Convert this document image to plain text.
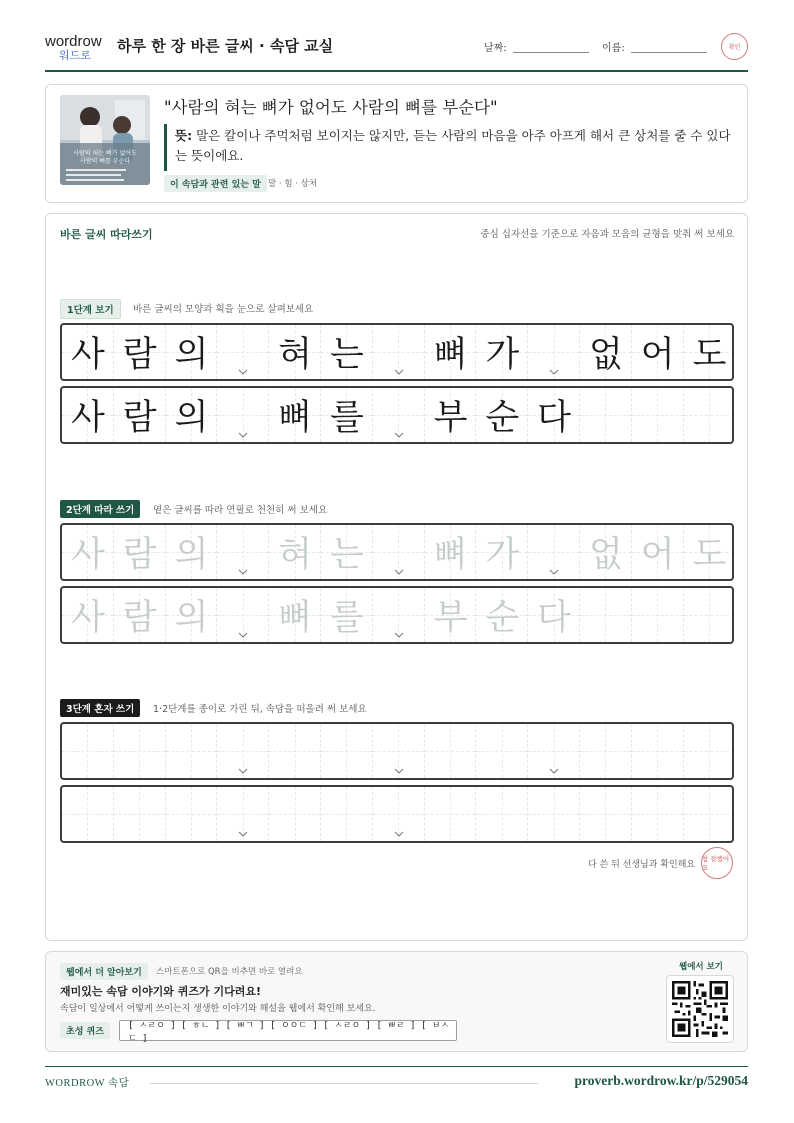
wordrow
워드로
하루 한 장 바른 글씨 · 속담 교실	날짜:	이름:	확인
사람의 혀는 뼈가 없어도
사람의 뼈를 부순다
"사람의 혀는 뼈가 없어도 사람의 뼈를 부순다"
뜻: 말은 칼이나 주먹처럼 보이지는 않지만, 듣는 사람의 마음을 아주 아프게 해서 큰 상처를 줄 수 있다는 뜻이에요.
이 속담과 관련 있는 말 말 · 힘 · 상처
바른 글씨 따라쓰기	중심 십자선을 기준으로 자음과 모음의 균형을 맞춰 써 보세요
1단계 보기	바른 글씨의 모양과 획을 눈으로 살펴보세요
사 람 의 혀 는 뼈 가 없 어 도
사 람 의 뼈 를 부 순 다
2단계 따라 쓰기	옅은 글씨를 따라 연필로 천천히 써 보세요
사 람 의 혀 는 뼈 가 없 어 도
사 람 의 뼈 를 부 순 다
3단계 혼자 쓰기	1·2단계를 종이로 가린 뒤, 속담을 떠올려 써 보세요
다 쓴 뒤 선생님과 확인해요
참 잘했어요
웹에서 더 알아보기	스마트폰으로 QR을 비추면 바로 열려요
재미있는 속담 이야기와 퀴즈가 기다려요!
속담이 일상에서 어떻게 쓰이는지 생생한 이야기와 해설을 웹에서 확인해 보세요.
초성 퀴즈
[ ㅅㄹㅇ ] [ ㅎㄴ ] [ ㅃㄱ ] [ ㅇㅇㄷ ] [ ㅅㄹㅇ ] [ ㅃㄹ ] [ ㅂㅅㄷ ]
웹에서 보기
WORDROW 속담	proverb.wordrow.kr/p/529054
